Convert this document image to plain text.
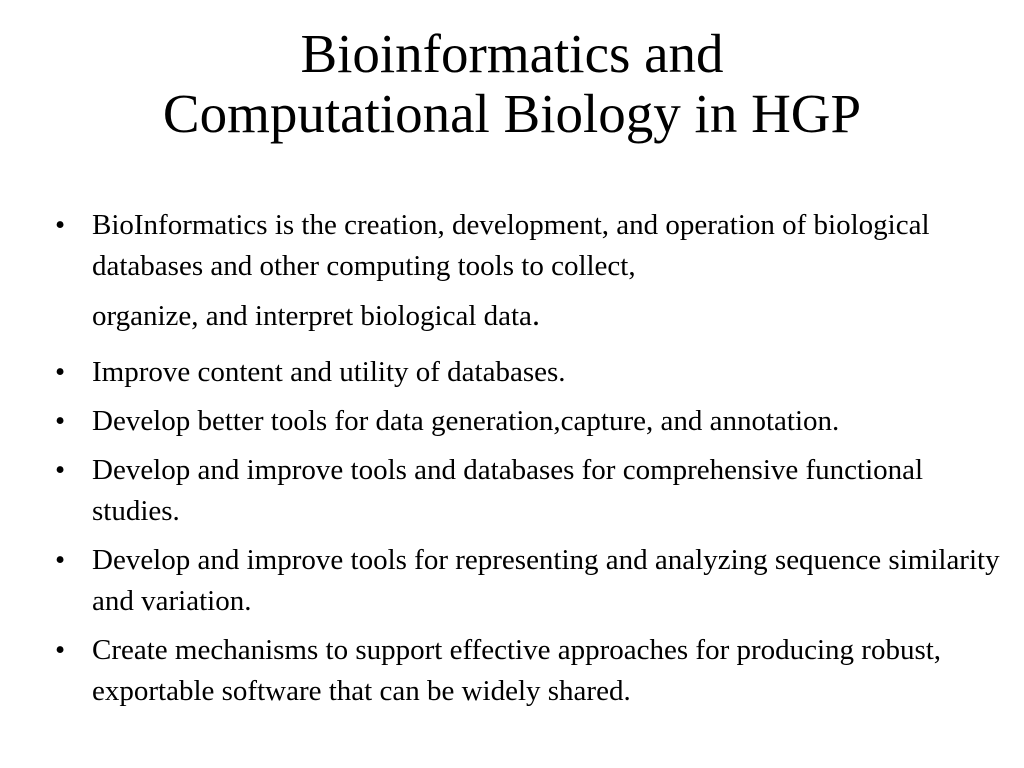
Bioinformatics and
Computational Biology in HGP
• BioInformatics is the creation, development, and operation of biological databases and other computing tools to collect,
organize, and interpret biological data.
• Improve content and utility of databases.
• Develop better tools for data generation,capture, and annotation.
• Develop and improve tools and databases for comprehensive functional studies.
• Develop and improve tools for representing and analyzing sequence similarity and variation.
• Create mechanisms to support effective approaches for producing robust, exportable software that can be widely shared.
